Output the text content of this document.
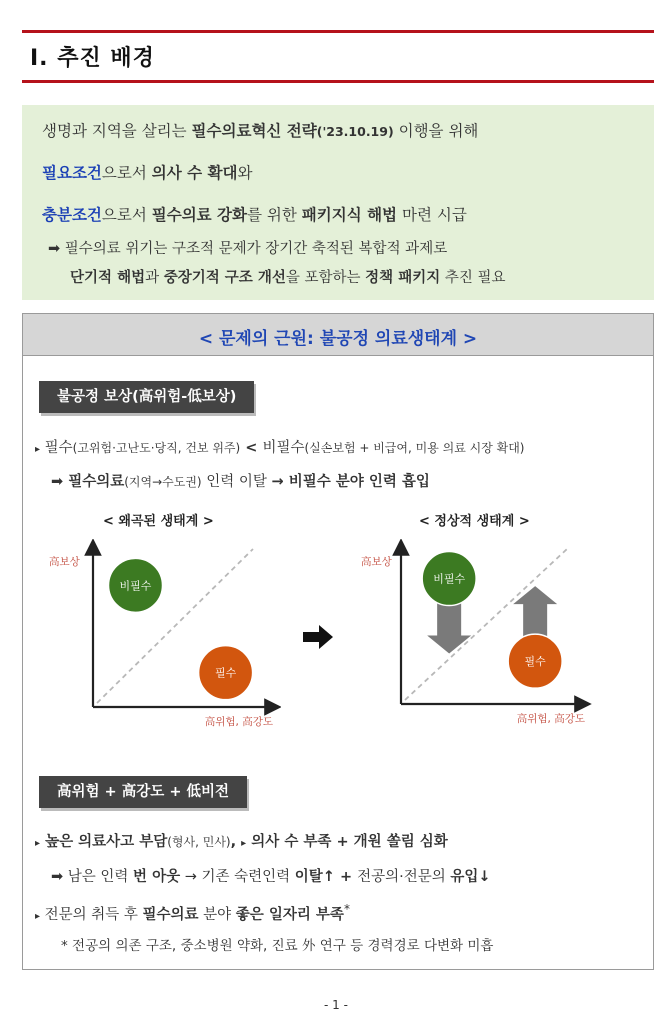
Ⅰ. 추진 배경
생명과 지역을 살리는 필수의료혁신 전략('23.10.19) 이행을 위해
필요조건으로서 의사 수 확대와
충분조건으로서 필수의료 강화를 위한 패키지식 해법 마련 시급
➡ 필수의료 위기는 구조적 문제가 장기간 축적된 복합적 과제로
단기적 해법과 중장기적 구조 개선을 포함하는 정책 패키지 추진 필요
< 문제의 근원: 불공정 의료생태계 >
불공정 보상(高위험-低보상)
▸ 필수(고위험·고난도·당직, 건보 위주) < 비필수(실손보험 + 비급여, 미용 의료 시장 확대)
➡ 필수의료(지역→수도권) 인력 이탈 → 비필수 분야 인력 흡입
< 왜곡된 생태계 >	< 정상적 생태계 >
高보상
비필수
필수
高위험, 高강도
高보상
비필수
필수
高위험, 高강도
高위험 + 高강도 + 低비전
▸ 높은 의료사고 부담(형사, 민사), ▸ 의사 수 부족 + 개원 쏠림 심화
➡ 남은 인력 번 아웃 → 기존 숙련인력 이탈↑ + 전공의·전문의 유입↓
▸ 전문의 취득 후 필수의료 분야 좋은 일자리 부족*
* 전공의 의존 구조, 중소병원 약화, 진료 外 연구 등 경력경로 다변화 미흡
- 1 -
